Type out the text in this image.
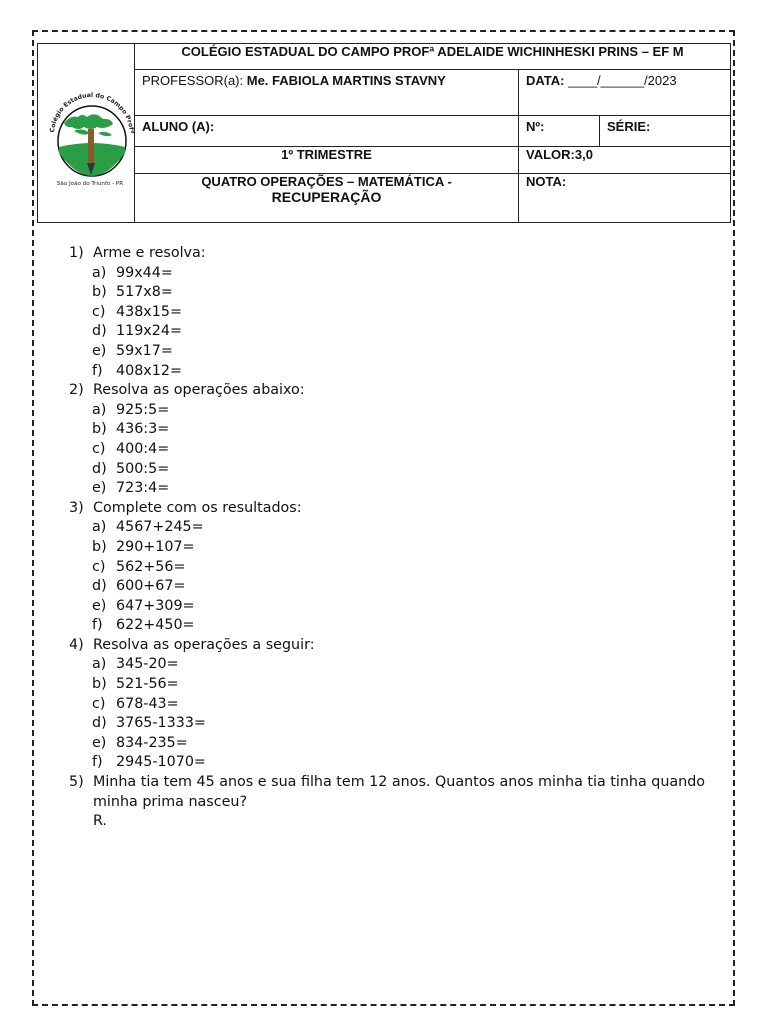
Colégio Estadual do Campo Prof
São João do Triunfo - PR	COLÉGIO ESTADUAL DO CAMPO PROFª ADELAIDE WICHINHESKI PRINS – EF M		
	PROFESSOR(a): Me. FABIOLA MARTINS STAVNY	DATA: ____/______/2023	
	ALUNO (A):	Nº:	SÉRIE:
	1º TRIMESTRE	VALOR:3,0	

	QUATRO OPERAÇÕES – MATEMÁTICA -
RECUPERAÇÃO	NOTA:	
1) Arme e resolva:
a) 99x44=
b) 517x8=
c) 438x15=
d) 119x24=
e) 59x17=
f) 408x12=
2) Resolva as operações abaixo:
a) 925:5=
b) 436:3=
c) 400:4=
d) 500:5=
e) 723:4=
3) Complete com os resultados:
a) 4567+245=
b) 290+107=
c) 562+56=
d) 600+67=
e) 647+309=
f) 622+450=
4) Resolva as operações a seguir:
a) 345-20=
b) 521-56=
c) 678-43=
d) 3765-1333=
e) 834-235=
f) 2945-1070=
5) Minha tia tem 45 anos e sua filha tem 12 anos. Quantos anos minha tia tinha quando minha prima nasceu?
R.
